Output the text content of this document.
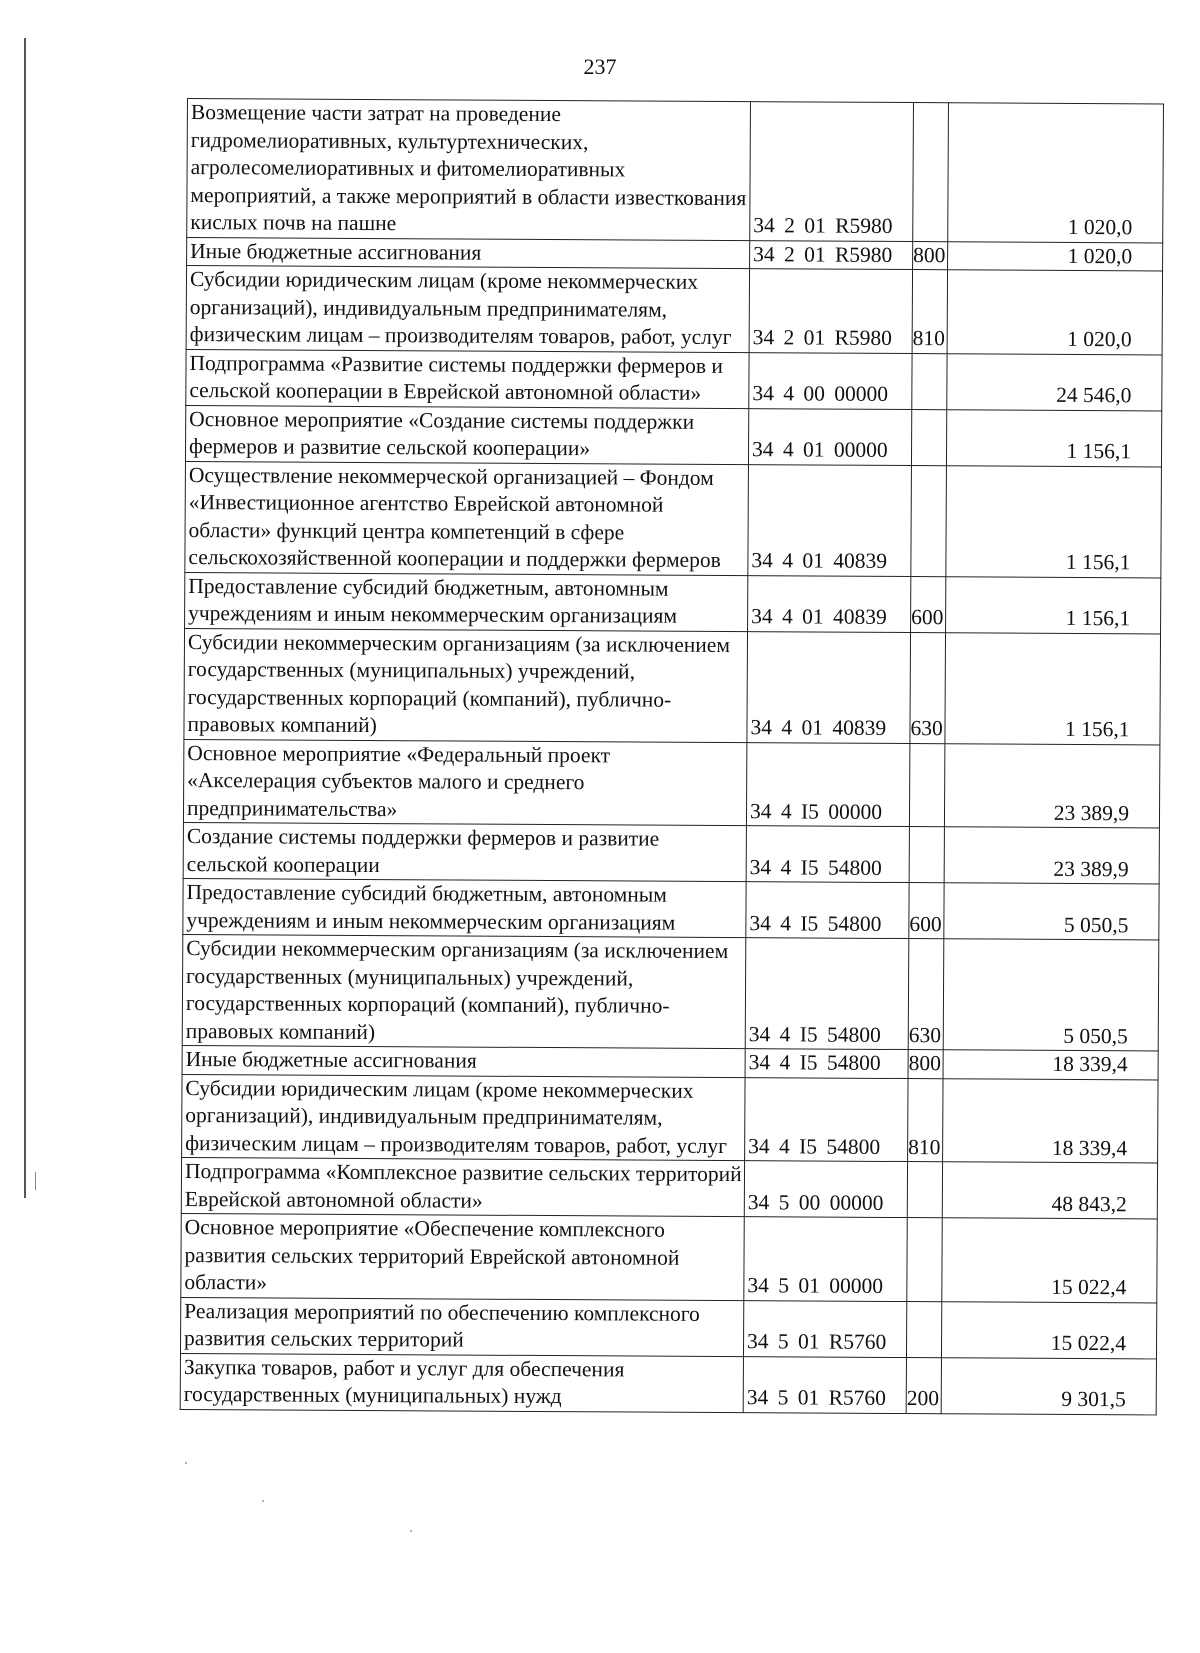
237
Возмещение части затрат на проведение гидромелиоративных, культуртехнических, агролесомелиоративных и фитомелиоративных мероприятий, а также мероприятий в области известкования кислых почв на пашне	34 2 01 R5980		1 020,0
Иные бюджетные ассигнования	34 2 01 R5980	800	1 020,0
Субсидии юридическим лицам (кроме некоммерческих организаций), индивидуальным предпринимателям, физическим лицам – производителям товаров, работ, услуг	34 2 01 R5980	810	1 020,0
Подпрограмма «Развитие системы поддержки фермеров и сельской кооперации в Еврейской автономной области»	34 4 00 00000		24 546,0
Основное мероприятие «Создание системы поддержки фермеров и развитие сельской кооперации»	34 4 01 00000		1 156,1
Осуществление некоммерческой организацией – Фондом «Инвестиционное агентство Еврейской автономной области» функций центра компетенций в сфере сельскохозяйственной кооперации и поддержки фермеров	34 4 01 40839		1 156,1
Предоставление субсидий бюджетным, автономным учреждениям и иным некоммерческим организациям	34 4 01 40839	600	1 156,1
Субсидии некоммерческим организациям (за исключением государственных (муниципальных) учреждений, государственных корпораций (компаний), публично-правовых компаний)	34 4 01 40839	630	1 156,1
Основное мероприятие «Федеральный проект «Акселерация субъектов малого и среднего предпринимательства»	34 4 I5 00000		23 389,9
Создание системы поддержки фермеров и развитие сельской кооперации	34 4 I5 54800		23 389,9
Предоставление субсидий бюджетным, автономным учреждениям и иным некоммерческим организациям	34 4 I5 54800	600	5 050,5
Субсидии некоммерческим организациям (за исключением государственных (муниципальных) учреждений, государственных корпораций (компаний), публично-правовых компаний)	34 4 I5 54800	630	5 050,5
Иные бюджетные ассигнования	34 4 I5 54800	800	18 339,4
Субсидии юридическим лицам (кроме некоммерческих организаций), индивидуальным предпринимателям, физическим лицам – производителям товаров, работ, услуг	34 4 I5 54800	810	18 339,4
Подпрограмма «Комплексное развитие сельских территорий Еврейской автономной области»	34 5 00 00000		48 843,2
Основное мероприятие «Обеспечение комплексного развития сельских территорий Еврейской автономной области»	34 5 01 00000		15 022,4
Реализация мероприятий по обеспечению комплексного развития сельских территорий	34 5 01 R5760		15 022,4
Закупка товаров, работ и услуг для обеспечения государственных (муниципальных) нужд	34 5 01 R5760	200	9 301,5
